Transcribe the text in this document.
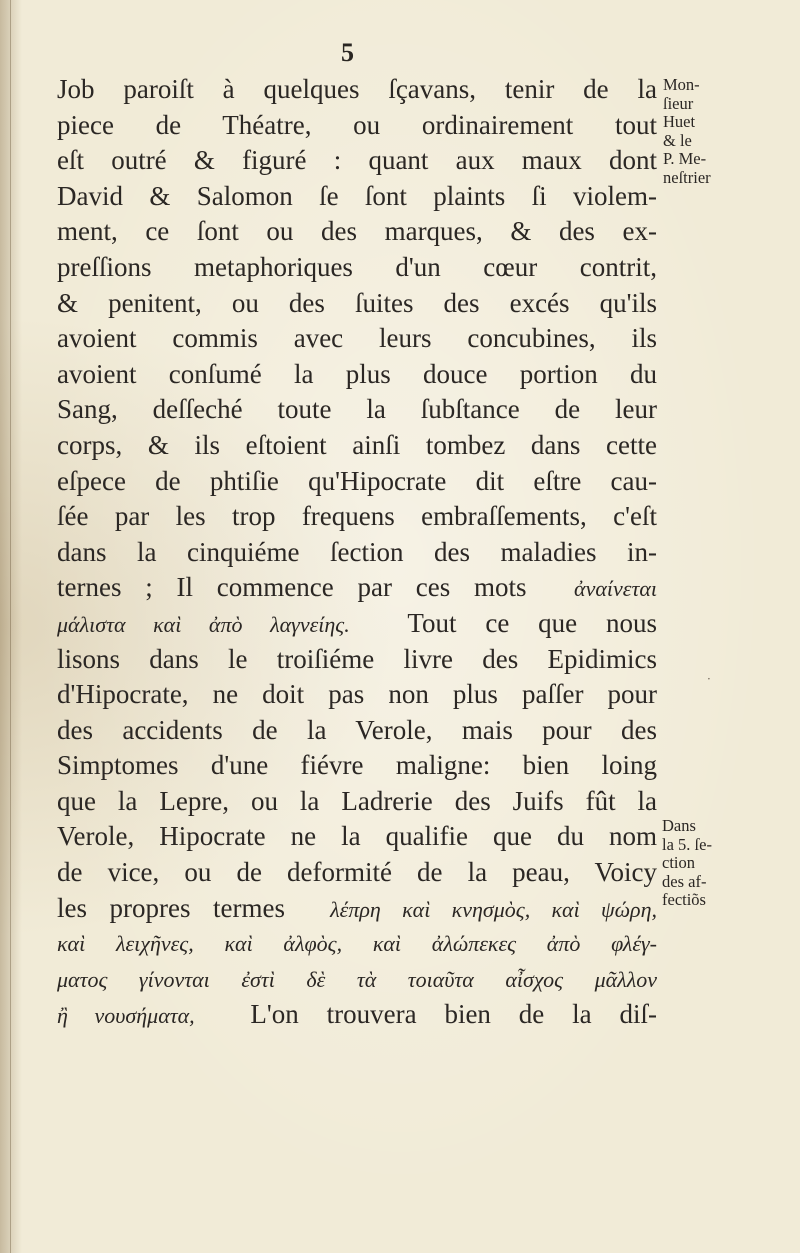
5
Job paroiſt à quelques ſçavans, tenir de la
piece de Théatre, ou ordinairement tout
eſt outré & figuré : quant aux maux dont
David & Salomon ſe ſont plaints ſi violem-
ment, ce ſont ou des marques, & des ex-
preſſions metaphoriques d'un cœur contrit,
& penitent, ou des ſuites des excés qu'ils
avoient commis avec leurs concubines, ils
avoient conſumé la plus douce portion du
Sang, deſſeché toute la ſubſtance de leur
corps, & ils eſtoient ainſi tombez dans cette
eſpece de phtiſie qu'Hipocrate dit eſtre cau-
ſée par les trop frequens embraſſements, c'eſt
dans la cinquiéme ſection des maladies in-
ternes ; Il commence par ces mots ἀναίνεται
μάλιστα καὶ ἀπὸ λαγνείης. Tout ce que nous
lisons dans le troiſiéme livre des Epidimics
d'Hipocrate, ne doit pas non plus paſſer pour
des accidents de la Verole, mais pour des
Simptomes d'une fiévre maligne: bien loing
que la Lepre, ou la Ladrerie des Juifs fût la
Verole, Hipocrate ne la qualifie que du nom
de vice, ou de deformité de la peau, Voicy
les propres termes λέπρη καὶ κνησμὸς, καὶ ψώρη,
καὶ λειχῆνες, καὶ ἀλφὸς, καὶ ἀλώπεκες ἀπὸ φλέγ-
ματος γίνονται ἐστὶ δὲ τὰ τοιαῦτα αἶσχος μᾶλλον
ἢ νουσήματα, L'on trouvera bien de la diſ-
Mon-
ſieur
Huet
& le
P. Me-
neſtrier
Dans
la 5. ſe-
ction
des af-
fectiõs
·
